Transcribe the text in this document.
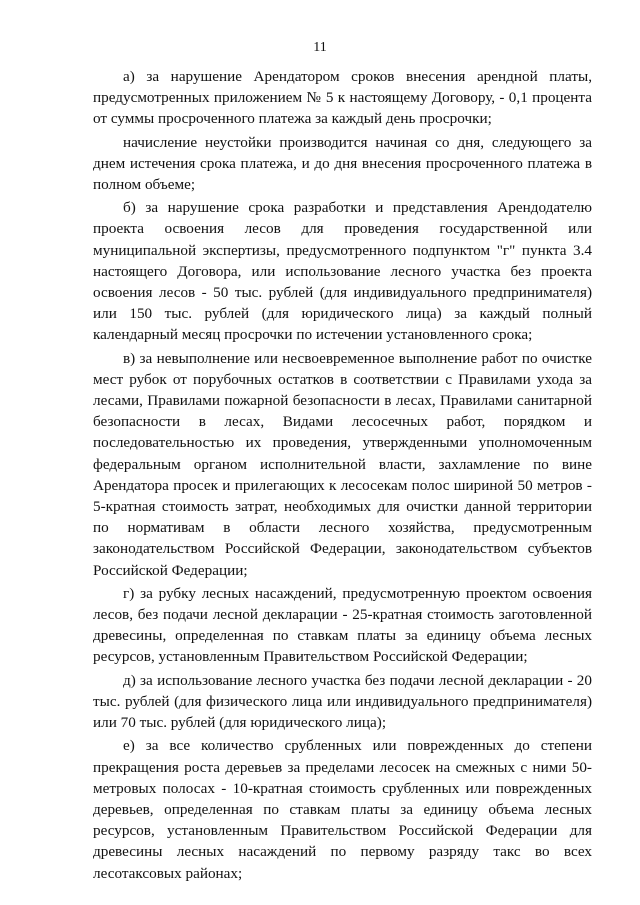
11

а) за нарушение Арендатором сроков внесения арендной платы, предусмотренных приложением № 5 к настоящему Договору, - 0,1 процента от суммы просроченного платежа за каждый день просрочки;

начисление неустойки производится начиная со дня, следующего за днем истечения срока платежа, и до дня внесения просроченного платежа в полном объеме;

б) за нарушение срока разработки и представления Арендодателю проекта освоения лесов для проведения государственной или муниципальной экспертизы, предусмотренного подпунктом "г" пункта 3.4 настоящего Договора, или использование лесного участка без проекта освоения лесов - 50 тыс. рублей (для индивидуального предпринимателя) или 150 тыс. рублей (для юридического лица) за каждый полный календарный месяц просрочки по истечении установленного срока;

в) за невыполнение или несвоевременное выполнение работ по очистке мест рубок от порубочных остатков в соответствии с Правилами ухода за лесами, Правилами пожарной безопасности в лесах, Правилами санитарной безопасности в лесах, Видами лесосечных работ, порядком и последовательностью их проведения, утвержденными уполномоченным федеральным органом исполнительной власти, захламление по вине Арендатора просек и прилегающих к лесосекам полос шириной 50 метров - 5-кратная стоимость затрат, необходимых для очистки данной территории по нормативам в области лесного хозяйства, предусмотренным законодательством Российской Федерации, законодательством субъектов Российской Федерации;

г) за рубку лесных насаждений, предусмотренную проектом освоения лесов, без подачи лесной декларации - 25-кратная стоимость заготовленной древесины, определенная по ставкам платы за единицу объема лесных ресурсов, установленным Правительством Российской Федерации;

д) за использование лесного участка без подачи лесной декларации - 20 тыс. рублей (для физического лица или индивидуального предпринимателя) или 70 тыс. рублей (для юридического лица);

е) за все количество срубленных или поврежденных до степени прекращения роста деревьев за пределами лесосек на смежных с ними 50-метровых полосах - 10-кратная стоимость срубленных или поврежденных деревьев, определенная по ставкам платы за единицу объема лесных ресурсов, установленным Правительством Российской Федерации для древесины лесных насаждений по первому разряду такс во всех лесотаксовых районах;
